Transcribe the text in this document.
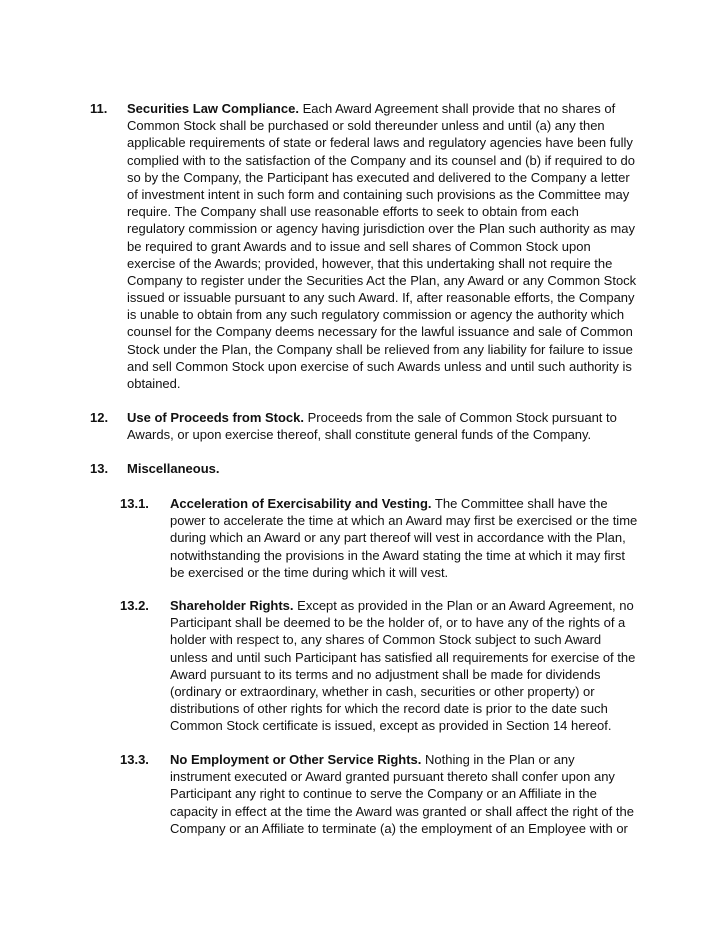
11. Securities Law Compliance. Each Award Agreement shall provide that no shares of
Common Stock shall be purchased or sold thereunder unless and until (a) any then
applicable requirements of state or federal laws and regulatory agencies have been fully
complied with to the satisfaction of the Company and its counsel and (b) if required to do
so by the Company, the Participant has executed and delivered to the Company a letter
of investment intent in such form and containing such provisions as the Committee may
require. The Company shall use reasonable efforts to seek to obtain from each
regulatory commission or agency having jurisdiction over the Plan such authority as may
be required to grant Awards and to issue and sell shares of Common Stock upon
exercise of the Awards; provided, however, that this undertaking shall not require the
Company to register under the Securities Act the Plan, any Award or any Common Stock
issued or issuable pursuant to any such Award. If, after reasonable efforts, the Company
is unable to obtain from any such regulatory commission or agency the authority which
counsel for the Company deems necessary for the lawful issuance and sale of Common
Stock under the Plan, the Company shall be relieved from any liability for failure to issue
and sell Common Stock upon exercise of such Awards unless and until such authority is
obtained.
12. Use of Proceeds from Stock. Proceeds from the sale of Common Stock pursuant to
Awards, or upon exercise thereof, shall constitute general funds of the Company.
13. Miscellaneous.
13.1. Acceleration of Exercisability and Vesting. The Committee shall have the
power to accelerate the time at which an Award may first be exercised or the time
during which an Award or any part thereof will vest in accordance with the Plan,
notwithstanding the provisions in the Award stating the time at which it may first
be exercised or the time during which it will vest.
13.2. Shareholder Rights. Except as provided in the Plan or an Award Agreement, no
Participant shall be deemed to be the holder of, or to have any of the rights of a
holder with respect to, any shares of Common Stock subject to such Award
unless and until such Participant has satisfied all requirements for exercise of the
Award pursuant to its terms and no adjustment shall be made for dividends
(ordinary or extraordinary, whether in cash, securities or other property) or
distributions of other rights for which the record date is prior to the date such
Common Stock certificate is issued, except as provided in Section 14 hereof.
13.3. No Employment or Other Service Rights. Nothing in the Plan or any
instrument executed or Award granted pursuant thereto shall confer upon any
Participant any right to continue to serve the Company or an Affiliate in the
capacity in effect at the time the Award was granted or shall affect the right of the
Company or an Affiliate to terminate (a) the employment of an Employee with or
